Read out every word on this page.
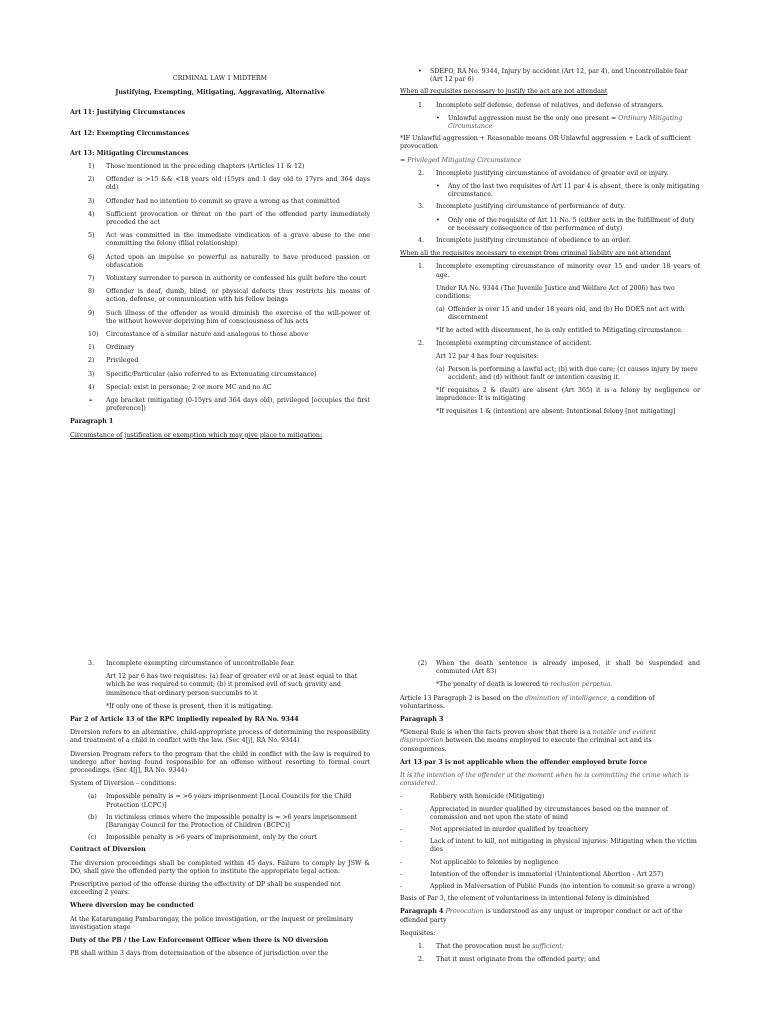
CRIMINAL LAW 1 MIDTERM

Justifying, Exempting, Mitigating, Aggravating, Alternative

Art 11: Justifying Circumstances

Art 12: Exempting Circumstances

Art 13: Mitigating Circumstances

1)	Those mentioned in the preceding chapters (Articles 11 & 12)
2)	Offender is >15 && <18 years old (15yrs and 1 day old to 17yrs and 364 days old)
3)	Offender had no intention to commit so grave a wrong as that committed
4)	Sufficient provocation or threat on the part of the offended party immediately preceded the act
5)	Act was committed in the immediate vindication of a grave abuse to the one committing the felony (filial relationship)
6)	Acted upon an impulse so powerful as naturally to have produced passion or obfuscation
7)	Voluntary surrender to person in authority or confessed his guilt before the court
8)	Offender is deaf, dumb, blind, or physical defects thus restricts his means of action, defense, or communication with his fellow beings
9)	Such illness of the offender as would diminish the exercise of the will-power of the without however depriving him of consciousness of his acts
10)	Circumstance of a similar nature and analogous to those above
1)	Ordinary
2)	Privileged
3)	Specific/Particular (also referred to as Extenuating circumstance)
4)	Special: exist in personae; 2 or more MC and no AC
➢	Age bracket (mitigating (0-15yrs and 364 days old), privileged [occupies the first preference])

Paragraph 1

Circumstance of justification or exemption which may give place to mitigation:

•	SDEFO, RA No. 9344, Injury by accident (Art 12, par 4), and Uncontrollable fear (Art 12 par 6)

When all requisites necessary to justify the act are not attendant

1.	Incomplete self defense, defense of relatives, and defense of strangers.
•	Unlawful aggression must be the only one present = Ordinary Mitigating Circumstance

*IF Unlawful aggression + Reasonable means OR Unlawful aggression + Lack of sufficient provocation

= Privileged Mitigating Circumstance

2.	Incomplete justifying circumstance of avoidance of greater evil or injury.
•	Any of the last two requisites of Art 11 par 4 is absent, there is only mitigating circumstance.
3.	Incomplete justifying circumstance of performance of duty.
•	Only one of the requisite of Art 11 No. 5 (either acts in the fulfillment of duty or necessary consequence of the performance of duty)
4.	Incomplete justifying circumstance of obedience to an order.

When all the requisites necessary to exempt from criminal liability are not attendant

1.	Incomplete exempting circumstance of minority over 15 and under 18 years of age.

Under RA No. 9344 (The Juvenile Justice and Welfare Act of 2006) has two conditions:

(a) Offender is over 15 and under 18 years old, and (b) He DOES not act with discernment

*If he acted with discernment, he is only entitled to Mitigating circumstance.

2.	Incomplete exempting circumstance of accident.

Art 12 par 4 has four requisites:

(a) Person is performing a lawful act; (b) with due care; (c) causes injury by mere accident; and (d) without fault or intention causing it.

*If requisites 2 & (fault) are absent (Art 365) it is a felony by negligence or imprudence: It is mitigating

*If requisites 1 & (intention) are absent: Intentional felony [not mitigating]

3.	Incomplete exempting circumstance of uncontrollable fear.

Art 12 par 6 has two requisites: (a) fear of greater evil or at least equal to that which he was required to commit; (b) it promised evil of such gravity and imminence that ordinary person succumbs to it

*If only one of these is present, then it is mitigating.

Par 2 of Article 13 of the RPC impliedly repealed by RA No. 9344

Diversion refers to an alternative, child-appropriate process of determining the responsibility and treatment of a child in conflict with the law. (Sec 4[j], RA No. 9344)

Diversion Program refers to the program that the child in conflict with the law is required to undergo after having found responsible for an offense without resorting to formal court proceedings. (Sec 4[j], RA No. 9344)

System of Diversion – conditions:

(a)	Impossible penalty is = >6 years imprisonment [Local Councils for the Child Protection (LCPC)]
(b)	In victimless crimes where the impossible penalty is = >6 years imprisonment [Barangay Council for the Protection of Children (BCPC)]
(c)	Impossible penalty is >6 years of imprisonment, only by the court

Contract of Diversion

The diversion proceedings shall be completed within 45 days. Failure to comply by JSW & DO, shall give the offended party the option to institute the appropriate legal action.

Prescriptive period of the offense during the effectivity of DP shall be suspended not exceeding 2 years.

Where diversion may be conducted

At the Katarungang Pambarangay, the police investigation, or the inquest or preliminary investigation stage

Duty of the PB / the Law Enforcement Officer when there is NO diversion

PB shall within 3 days from determination of the absence of jurisdiction over the

(2)	When the death sentence is already imposed, it shall be suspended and commuted (Art 83)

*The penalty of death is lowered to reclusion perpetua.

Article 13 Paragraph 2 is based on the diminution of intelligence, a condition of voluntariness.

Paragraph 3

*General Rule is when the facts proven show that there is a notable and evident disproportion between the means employed to execute the criminal act and its consequences.

Art 13 par 3 is not applicable when the offender employed brute force

It is the intention of the offender at the moment when he is committing the crime which is considered.

-	Robbery with homicide (Mitigating)
-	Appreciated in murder qualified by circumstances based on the manner of commission and not upon the state of mind
-	Not appreciated in murder qualified by treachery
-	Lack of intent to kill, not mitigating in physical injuries: Mitigating when the victim dies
-	Not applicable to felonies by negligence
-	Intention of the offender is immaterial (Unintentional Abortion - Art 257)
-	Applied in Malversation of Public Funds (no intention to commit so grave a wrong)

Basis of Par 3, the element of voluntariness in intentional felony is diminished

Paragraph 4 Provocation is understood as any unjust or improper conduct or act of the offended party

Requisites:

1.	That the provocation must be sufficient;
2.	That it must originate from the offended party; and
